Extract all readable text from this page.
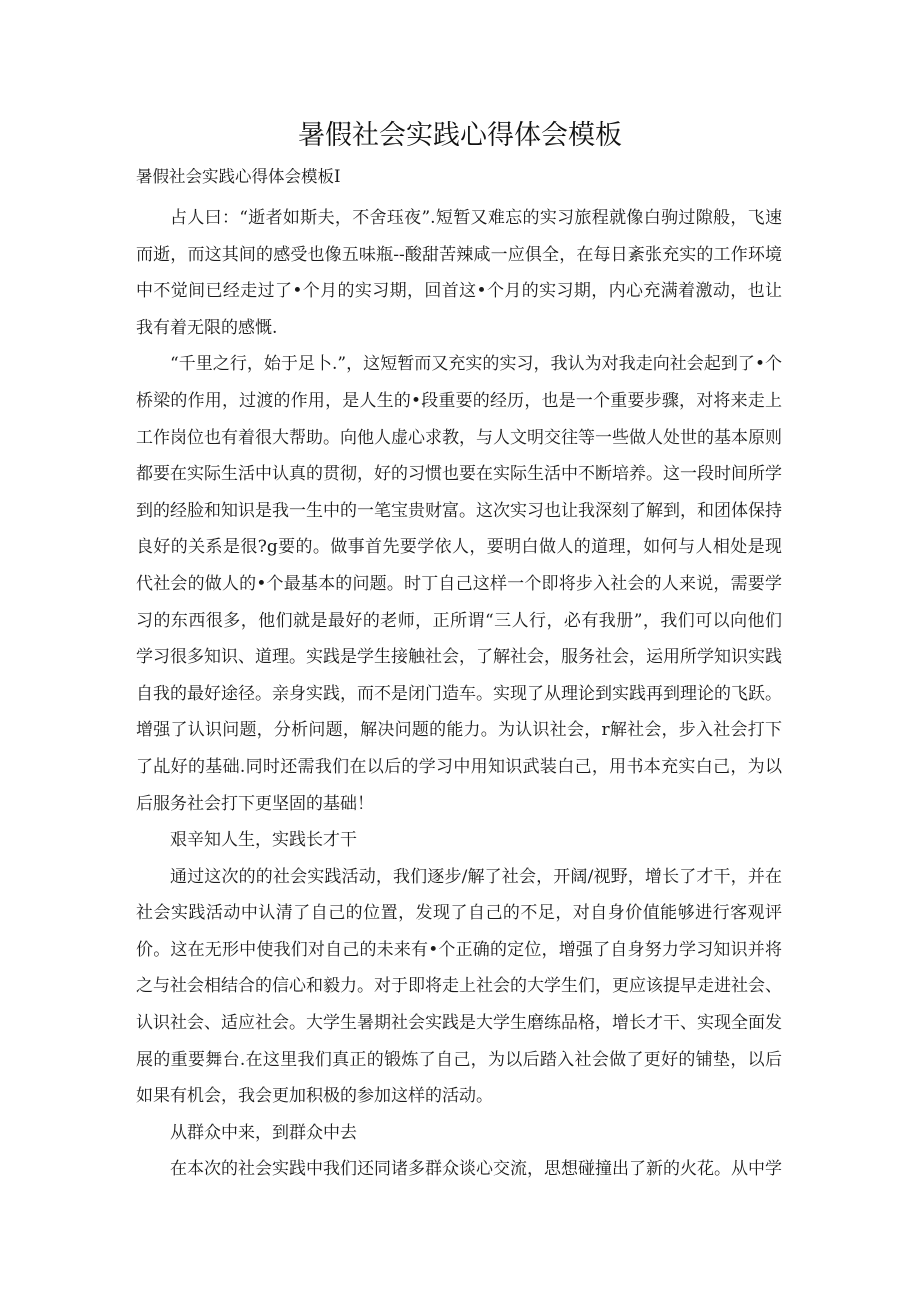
暑假社会实践心得体会模板
暑假社会实践心得体会模板Ⅰ

占人曰：“逝者如斯夫，不舍珏夜”.短暂又难忘的实习旅程就像白驹过隙般，飞速而逝，而这其间的感受也像五味瓶--酸甜苦辣咸一应俱全，在每日紊张充实的工作环境中不觉间已经走过了•个月的实习期，回首这•个月的实习期，内心充满着激动，也让我有着无限的感慨.

“千里之行，始于足卜.”，这短暂而又充实的实习，我认为对我走向社会起到了•个桥梁的作用，过渡的作用，是人生的•段重要的经历，也是一个重要步骤，对将来走上工作岗位也有着很大帮助。向他人虚心求教，与人文明交往等一些做人处世的基本原则都要在实际生活中认真的贯彻，好的习惯也要在实际生活中不断培养。这一段时间所学到的经脸和知识是我一生中的一笔宝贵财富。这次实习也让我深刻了解到，和团体保持良好的关系是很?g要的。做事首先要学依人，要明白做人的道理，如何与人相处是现代社会的做人的•个最基本的问题。时丁自己这样一个即将步入社会的人来说，需要学习的东西很多，他们就是最好的老师，正所谓“三人行，必有我册”，我们可以向他们学习很多知识、道理。实践是学生接触社会，了解社会，服务社会，运用所学知识实践自我的最好途径。亲身实践，而不是闭门造车。实现了从理论到实践再到理论的飞跃。增强了认识问题，分析问题，解决问题的能力。为认识社会，r解社会，步入社会打下了乩好的基础.同时还需我们在以后的学习中用知识武装白己，用书本充实白己，为以后服务社会打下更坚固的基础！

艰辛知人生，实践长才干

通过这次的的社会实践活动，我们逐步/解了社会，开阔/视野，增长了才干，并在社会实践活动中认清了自己的位置，发现了自己的不足，对自身价值能够进行客观评价。这在无形中使我们对自己的未来有•个正确的定位，增强了自身努力学习知识并将之与社会相结合的信心和毅力。对于即将走上社会的大学生们，更应该提早走进社会、认识社会、适应社会。大学生暑期社会实践是大学生磨练品格，增长才干、实现全面发展的重要舞台.在这里我们真正的锻炼了自己，为以后踏入社会做了更好的铺垫，以后如果有机会，我会更加积极的参加这样的活动。

从群众中来，到群众中去

在本次的社会实践中我们还同诸多群众谈心交流，思想碰撞出了新的火花。从中学
